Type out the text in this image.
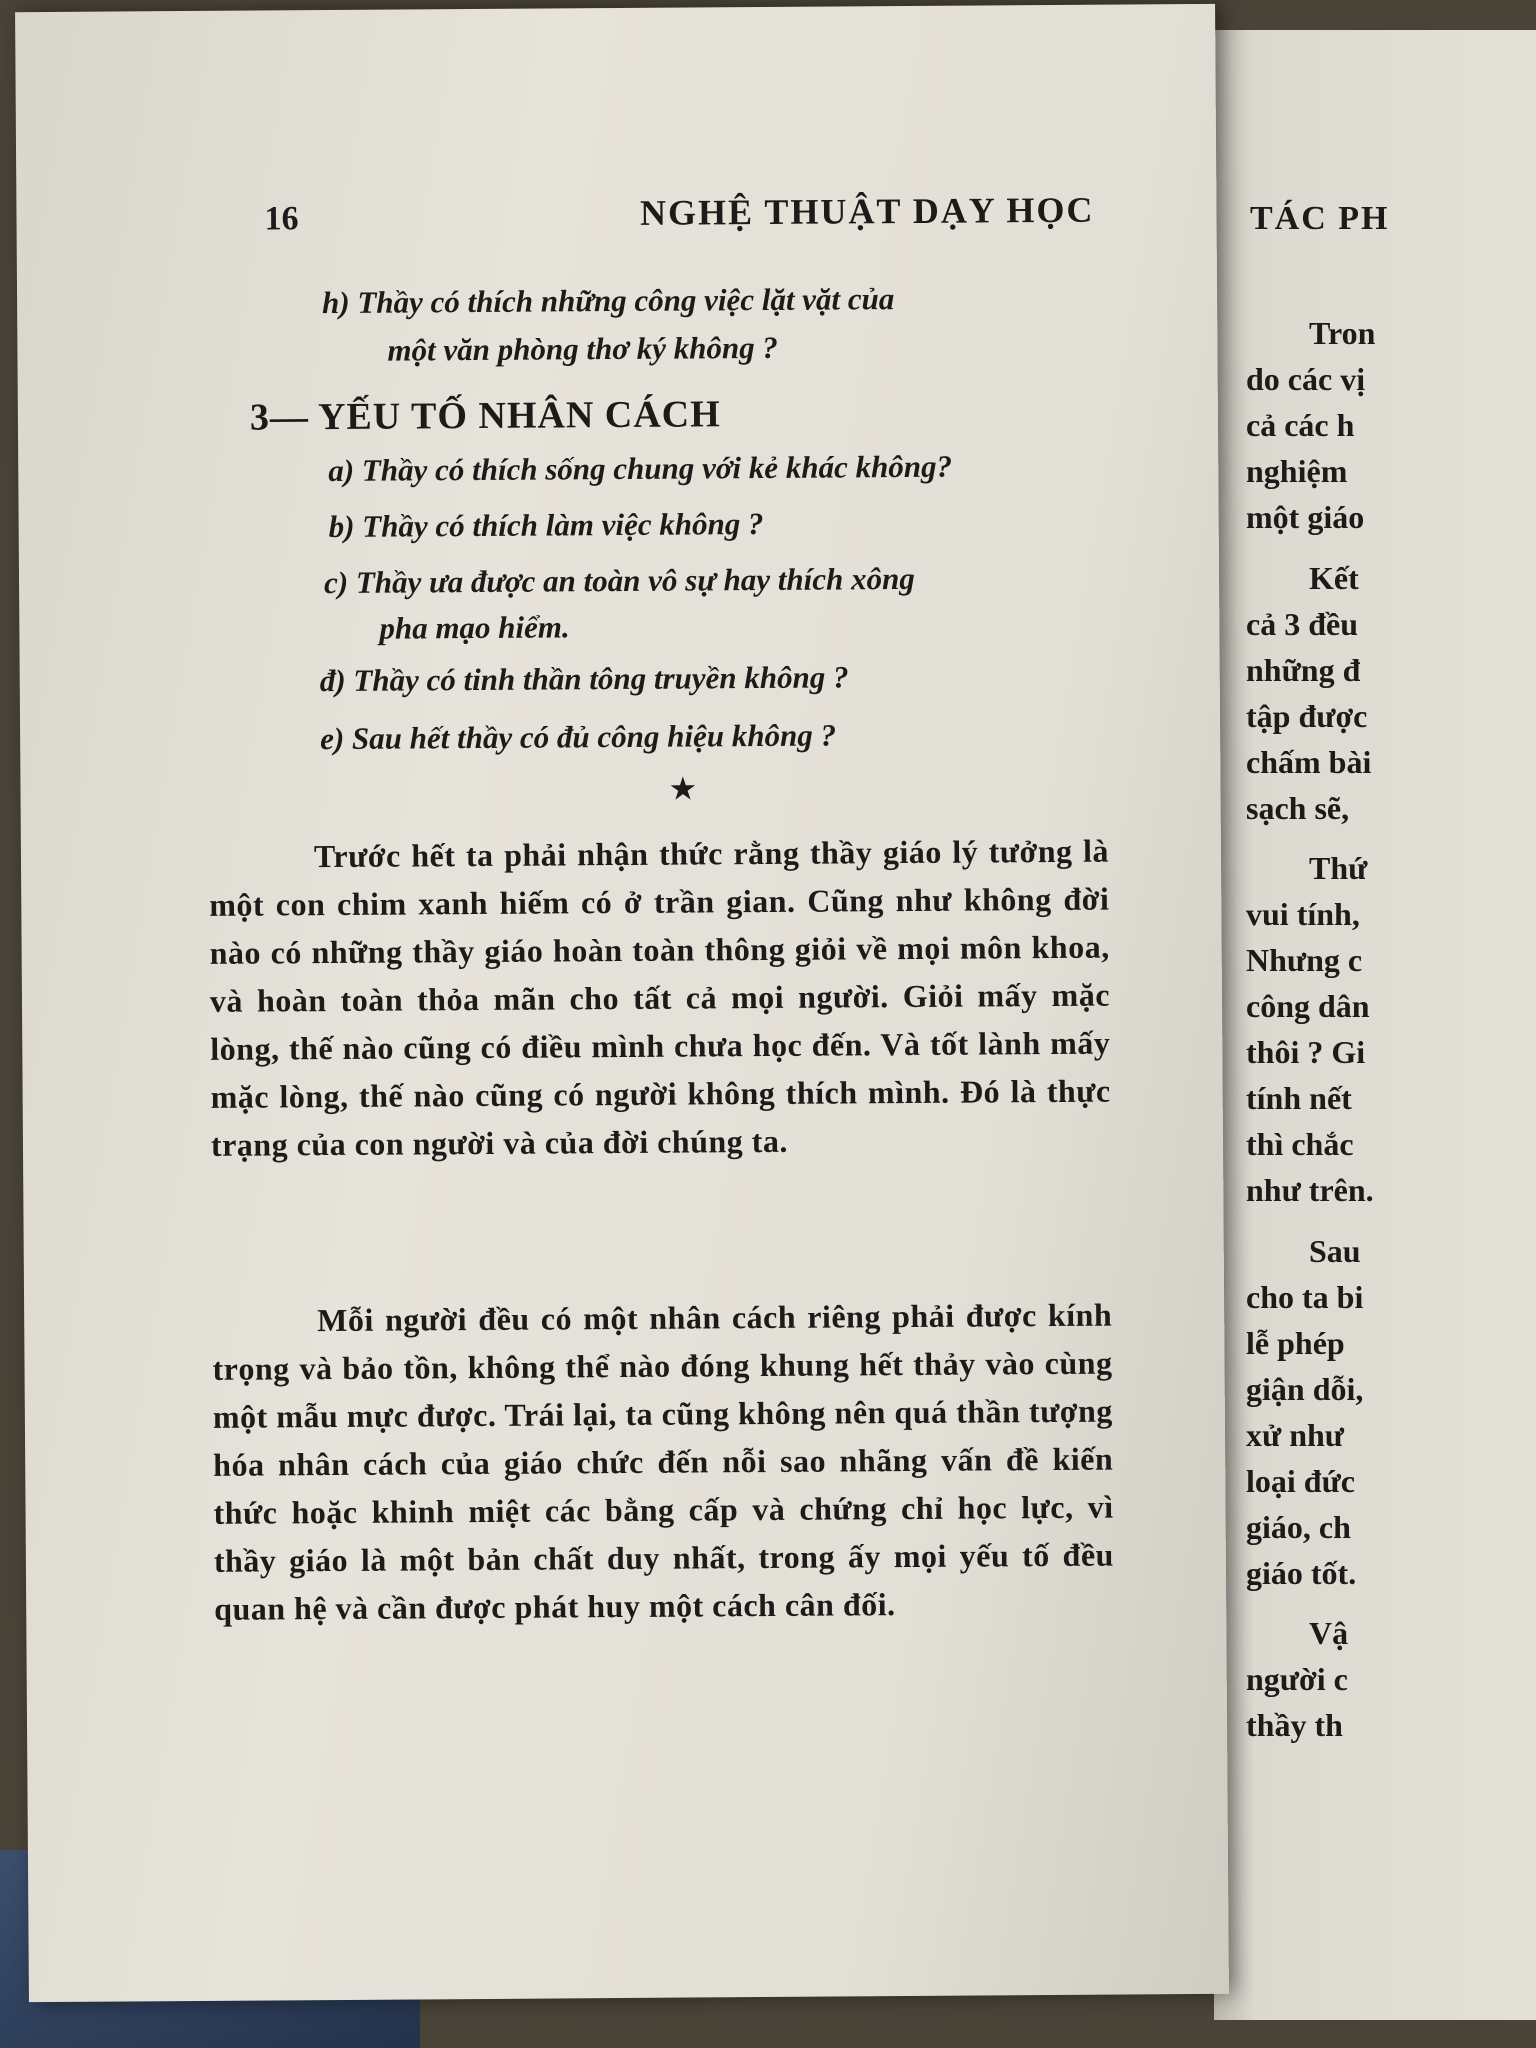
TÁC PH
Tron
do các vị
cả các h
nghiệm
một giáo
Kết
cả 3 đều
những đ
tập được
chấm bài
sạch sẽ,
Thứ
vui tính,
Nhưng c
công dân
thôi ? Gi
tính nết
thì chắc
như trên.
Sau
cho ta bi
lễ phép
giận dỗi,
xử như
loại đức
giáo, ch
giáo tốt.
Vậ
người c
thầy th
16	NGHỆ THUẬT DẠY HỌC
h) Thầy có thích những công việc lặt vặt của
một văn phòng thơ ký không ?
3— YẾU TỐ NHÂN CÁCH
a) Thầy có thích sống chung với kẻ khác không?
b) Thầy có thích làm việc không ?
c) Thầy ưa được an toàn vô sự hay thích xông
pha mạo hiểm.
đ) Thầy có tinh thần tông truyền không ?
e) Sau hết thầy có đủ công hiệu không ?
★
Trước hết ta phải nhận thức rằng thầy giáo lý tưởng là một con chim xanh hiếm có ở trần gian. Cũng như không đời nào có những thầy giáo hoàn toàn thông giỏi về mọi môn khoa, và hoàn toàn thỏa mãn cho tất cả mọi người. Giỏi mấy mặc lòng, thế nào cũng có điều mình chưa học đến. Và tốt lành mấy mặc lòng, thế nào cũng có người không thích mình. Đó là thực trạng của con người và của đời chúng ta.
Mỗi người đều có một nhân cách riêng phải được kính trọng và bảo tồn, không thể nào đóng khung hết thảy vào cùng một mẫu mực được. Trái lại, ta cũng không nên quá thần tượng hóa nhân cách của giáo chức đến nỗi sao nhãng vấn đề kiến thức hoặc khinh miệt các bằng cấp và chứng chỉ học lực, vì thầy giáo là một bản chất duy nhất, trong ấy mọi yếu tố đều quan hệ và cần được phát huy một cách cân đối.
